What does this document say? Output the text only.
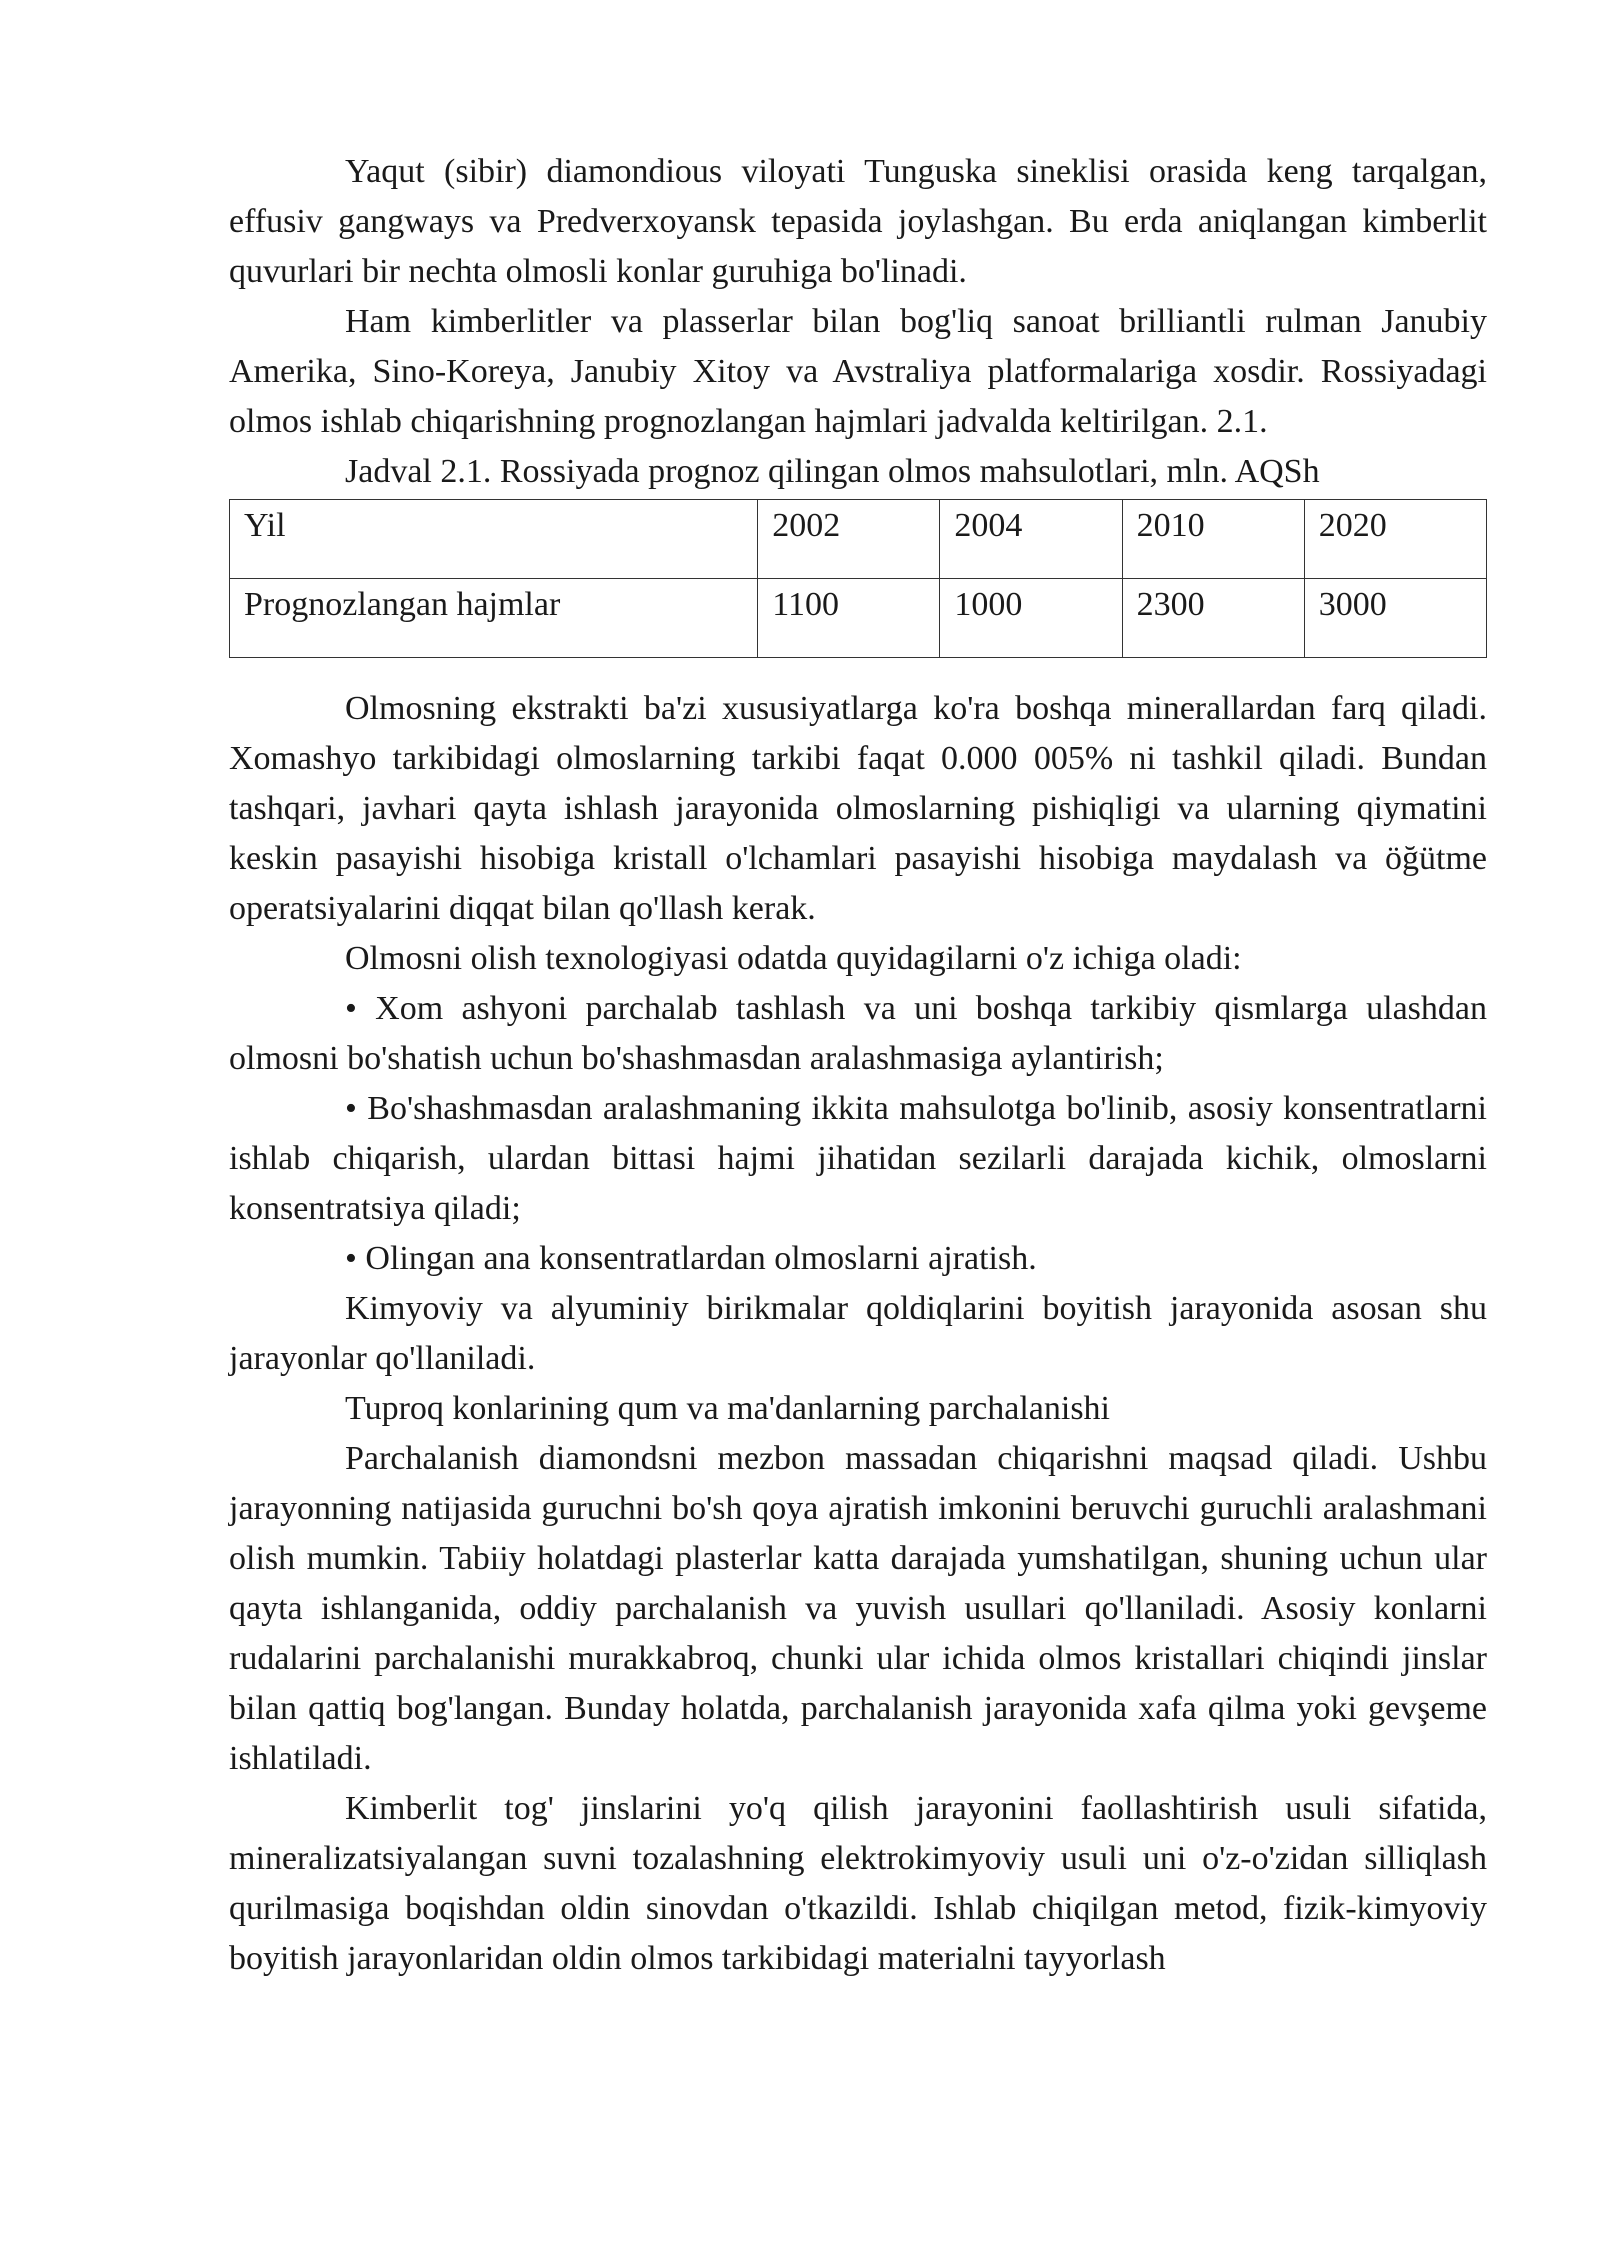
Yaqut (sibir) diamondious viloyati Tunguska sineklisi orasida keng tarqalgan, effusiv gangways va Predverxoyansk tepasida joylashgan. Bu erda aniqlangan kimberlit quvurlari bir nechta olmosli konlar guruhiga bo'linadi.

Ham kimberlitler va plasserlar bilan bog'liq sanoat brilliantli rulman Janubiy Amerika, Sino-Koreya, Janubiy Xitoy va Avstraliya platformalariga xosdir. Rossiyadagi olmos ishlab chiqarishning prognozlangan hajmlari jadvalda keltirilgan. 2.1.

Jadval 2.1. Rossiyada prognoz qilingan olmos mahsulotlari, mln. AQSh

Yil	2002	2004	2010	2020
Prognozlangan hajmlar	1100	1000	2300	3000

Olmosning ekstrakti ba'zi xususiyatlarga ko'ra boshqa minerallardan farq qiladi. Xomashyo tarkibidagi olmoslarning tarkibi faqat 0.000 005% ni tashkil qiladi. Bundan tashqari, javhari qayta ishlash jarayonida olmoslarning pishiqligi va ularning qiymatini keskin pasayishi hisobiga kristall o'lchamlari pasayishi hisobiga maydalash va öğütme operatsiyalarini diqqat bilan qo'llash kerak.

Olmosni olish texnologiyasi odatda quyidagilarni o'z ichiga oladi:

• Xom ashyoni parchalab tashlash va uni boshqa tarkibiy qismlarga ulashdan olmosni bo'shatish uchun bo'shashmasdan aralashmasiga aylantirish;

• Bo'shashmasdan aralashmaning ikkita mahsulotga bo'linib, asosiy konsentratlarni ishlab chiqarish, ulardan bittasi hajmi jihatidan sezilarli darajada kichik, olmoslarni konsentratsiya qiladi;

• Olingan ana konsentratlardan olmoslarni ajratish.

Kimyoviy va alyuminiy birikmalar qoldiqlarini boyitish jarayonida asosan shu jarayonlar qo'llaniladi.

Tuproq konlarining qum va ma'danlarning parchalanishi

Parchalanish diamondsni mezbon massadan chiqarishni maqsad qiladi. Ushbu jarayonning natijasida guruchni bo'sh qoya ajratish imkonini beruvchi guruchli aralashmani olish mumkin. Tabiiy holatdagi plasterlar katta darajada yumshatilgan, shuning uchun ular qayta ishlanganida, oddiy parchalanish va yuvish usullari qo'llaniladi. Asosiy konlarni rudalarini parchalanishi murakkabroq, chunki ular ichida olmos kristallari chiqindi jinslar bilan qattiq bog'langan. Bunday holatda, parchalanish jarayonida xafa qilma yoki gevşeme ishlatiladi.

Kimberlit tog' jinslarini yo'q qilish jarayonini faollashtirish usuli sifatida, mineralizatsiyalangan suvni tozalashning elektrokimyoviy usuli uni o'z-o'zidan silliqlash qurilmasiga boqishdan oldin sinovdan o'tkazildi. Ishlab chiqilgan metod, fizik-kimyoviy boyitish jarayonlaridan oldin olmos tarkibidagi materialni tayyorlash
